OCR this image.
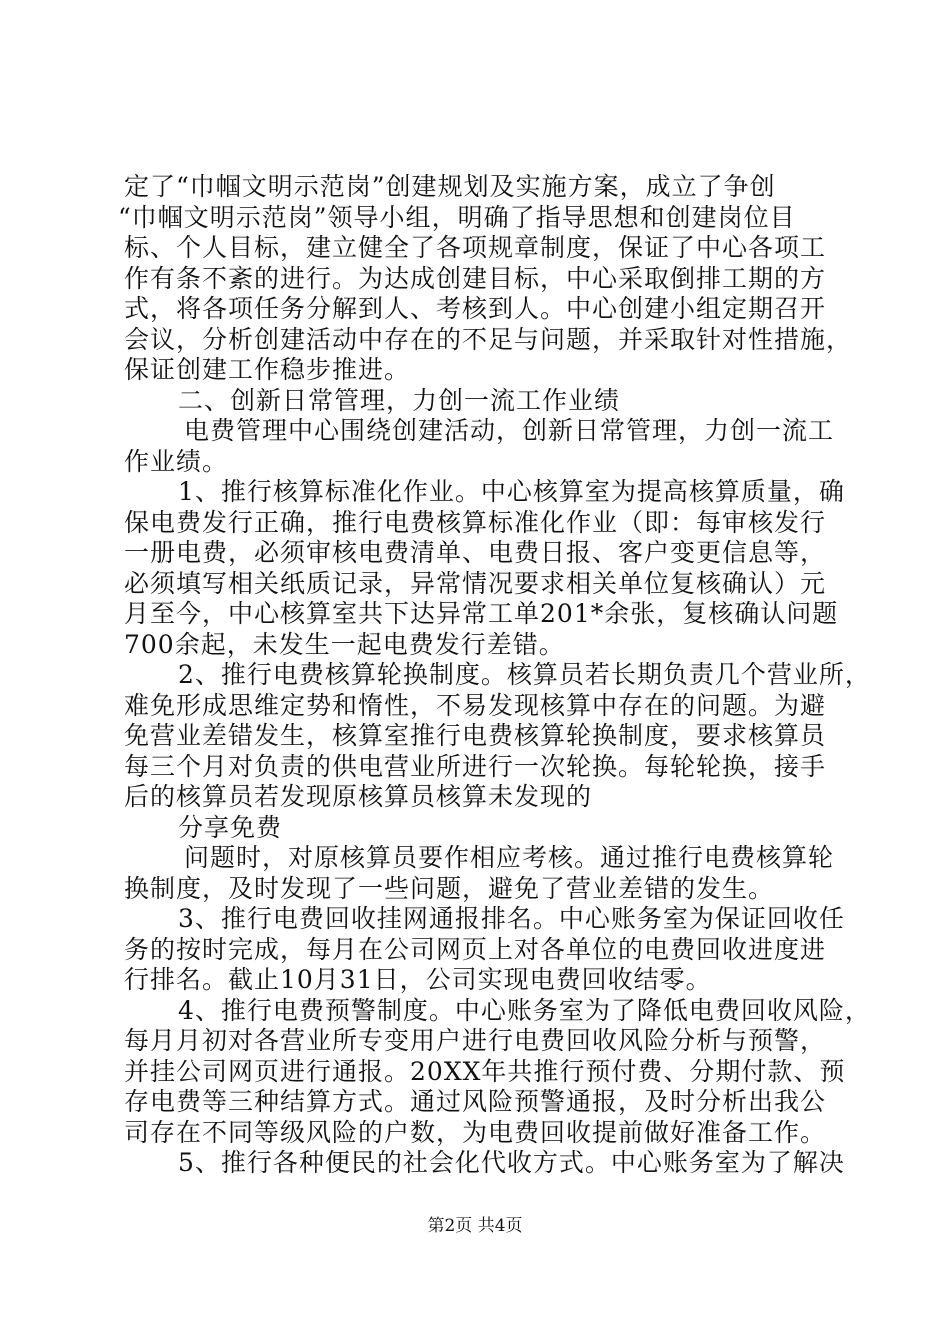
定了“巾帼文明示范岗”创建规划及实施方案，成立了争创
“巾帼文明示范岗”领导小组，明确了指导思想和创建岗位目
标、个人目标，建立健全了各项规章制度，保证了中心各项工
作有条不紊的进行。为达成创建目标，中心采取倒排工期的方
式，将各项任务分解到人、考核到人。中心创建小组定期召开
会议，分析创建活动中存在的不足与问题，并采取针对性措施，
保证创建工作稳步推进。
二、创新日常管理，力创一流工作业绩
电费管理中心围绕创建活动，创新日常管理，力创一流工
作业绩。
1、推行核算标准化作业。中心核算室为提高核算质量，确
保电费发行正确，推行电费核算标准化作业（即：每审核发行
一册电费，必须审核电费清单、电费日报、客户变更信息等，
必须填写相关纸质记录，异常情况要求相关单位复核确认）元
月至今，中心核算室共下达异常工单201*余张，复核确认问题
700余起，未发生一起电费发行差错。
2、推行电费核算轮换制度。核算员若长期负责几个营业所，
难免形成思维定势和惰性，不易发现核算中存在的问题。为避
免营业差错发生，核算室推行电费核算轮换制度，要求核算员
每三个月对负责的供电营业所进行一次轮换。每轮轮换，接手
后的核算员若发现原核算员核算未发现的
分享免费
问题时，对原核算员要作相应考核。通过推行电费核算轮
换制度，及时发现了一些问题，避免了营业差错的发生。
3、推行电费回收挂网通报排名。中心账务室为保证回收任
务的按时完成，每月在公司网页上对各单位的电费回收进度进
行排名。截止10月31日，公司实现电费回收结零。
4、推行电费预警制度。中心账务室为了降低电费回收风险，
每月月初对各营业所专变用户进行电费回收风险分析与预警，
并挂公司网页进行通报。20XX年共推行预付费、分期付款、预
存电费等三种结算方式。通过风险预警通报，及时分析出我公
司存在不同等级风险的户数，为电费回收提前做好准备工作。
5、推行各种便民的社会化代收方式。中心账务室为了解决
第2页 共4页
